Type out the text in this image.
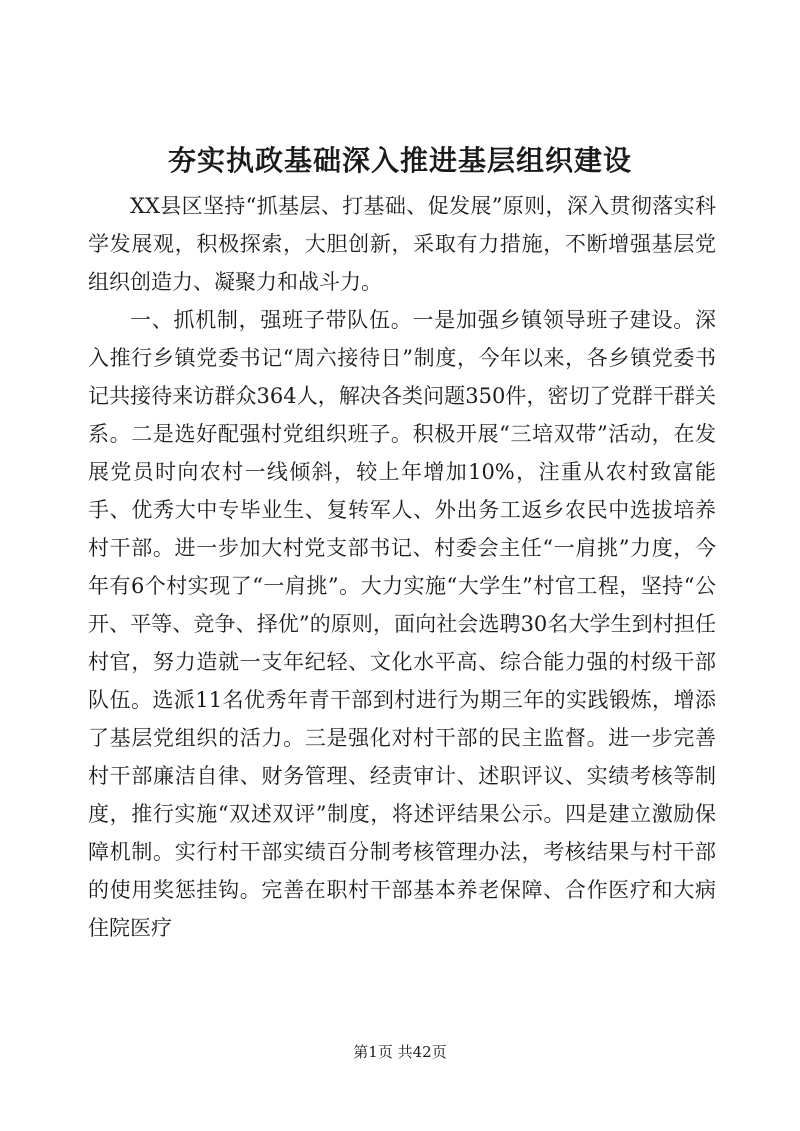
夯实执政基础深入推进基层组织建设

XX县区坚持“抓基层、打基础、促发展”原则，深入贯彻落实科学发展观，积极探索，大胆创新，采取有力措施，不断增强基层党组织创造力、凝聚力和战斗力。

一、抓机制，强班子带队伍。一是加强乡镇领导班子建设。深入推行乡镇党委书记“周六接待日”制度，今年以来，各乡镇党委书记共接待来访群众364人，解决各类问题350件，密切了党群干群关系。二是选好配强村党组织班子。积极开展“三培双带”活动，在发展党员时向农村一线倾斜，较上年增加10%，注重从农村致富能手、优秀大中专毕业生、复转军人、外出务工返乡农民中选拔培养村干部。进一步加大村党支部书记、村委会主任“一肩挑”力度，今年有6个村实现了“一肩挑”。大力实施“大学生”村官工程，坚持“公开、平等、竞争、择优”的原则，面向社会选聘30名大学生到村担任村官，努力造就一支年纪轻、文化水平高、综合能力强的村级干部队伍。选派11名优秀年青干部到村进行为期三年的实践锻炼，增添了基层党组织的活力。三是强化对村干部的民主监督。进一步完善村干部廉洁自律、财务管理、经责审计、述职评议、实绩考核等制度，推行实施“双述双评”制度，将述评结果公示。四是建立激励保障机制。实行村干部实绩百分制考核管理办法，考核结果与村干部的使用奖惩挂钩。完善在职村干部基本养老保障、合作医疗和大病住院医疗

第1页 共42页
